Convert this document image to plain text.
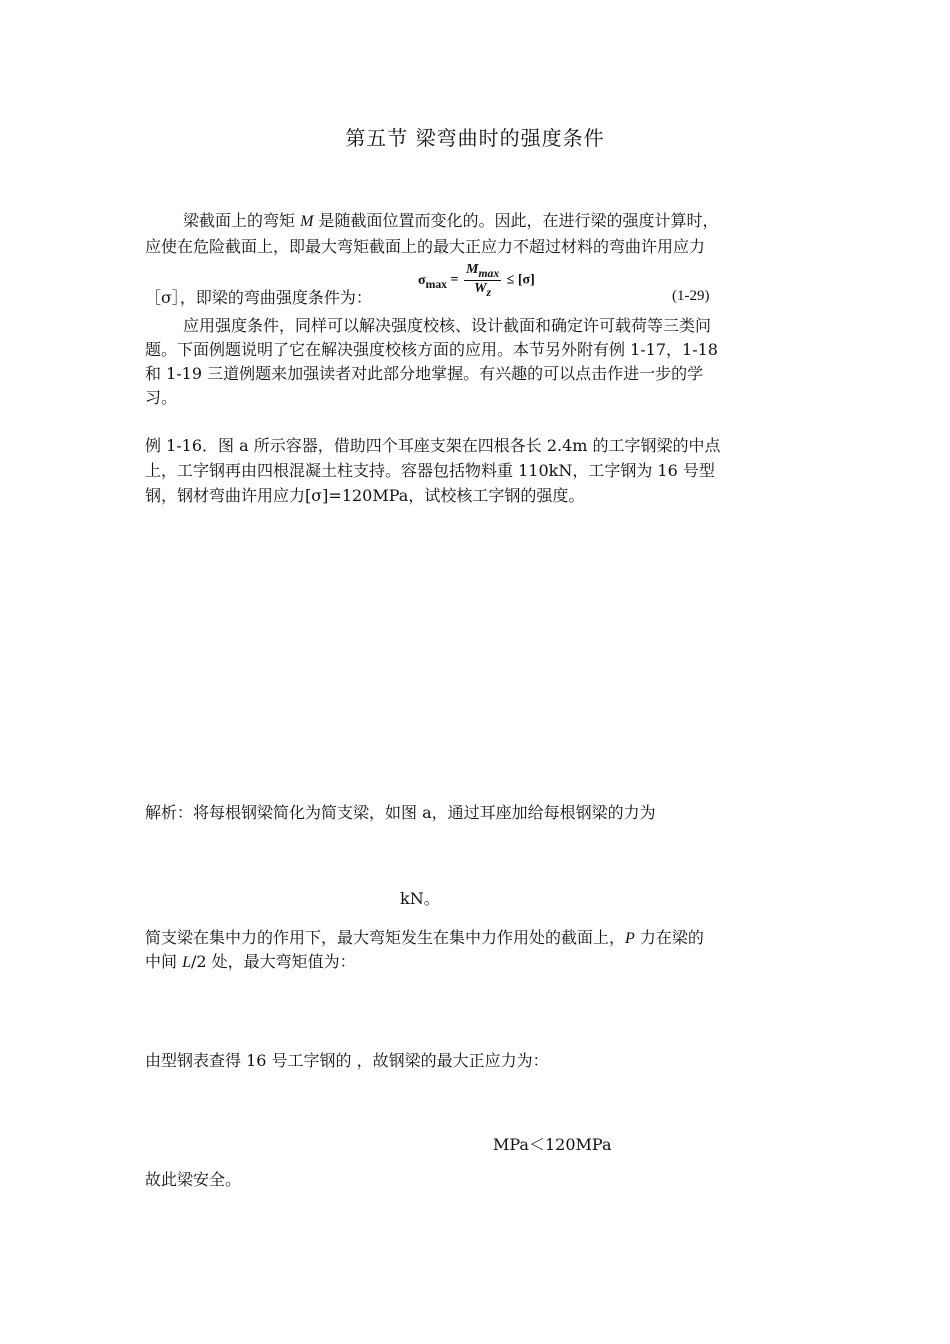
第五节 梁弯曲时的强度条件
梁截面上的弯矩 M 是随截面位置而变化的。因此，在进行梁的强度计算时，
应使在危险截面上，即最大弯矩截面上的最大正应力不超过材料的弯曲许用应力
［σ］，即梁的弯曲强度条件为：
$\sigma_{max} = \frac{M_{max}}{W_z} \le [\sigma]$
(1-29)
应用强度条件，同样可以解决强度校核、设计截面和确定许可载荷等三类问
题。下面例题说明了它在解决强度校核方面的应用。本节另外附有例 1-17，1-18
和 1-19 三道例题来加强读者对此部分地掌握。有兴趣的可以点击作进一步的学
习。
例 1-16．图 a 所示容器，借助四个耳座支架在四根各长 2.4m 的工字钢梁的中点
上，工字钢再由四根混凝土柱支持。容器包括物料重 110kN，工字钢为 16 号型
钢，钢材弯曲许用应力[σ]=120MPa，试校核工字钢的强度。
解析：将每根钢梁简化为简支梁，如图 a，通过耳座加给每根钢梁的力为
kN。
简支梁在集中力的作用下，最大弯矩发生在集中力作用处的截面上，P 力在梁的
中间 L/2 处，最大弯矩值为：
由型钢表查得 16 号工字钢的 ，故钢梁的最大正应力为：
MPa＜120MPa
故此梁安全。
